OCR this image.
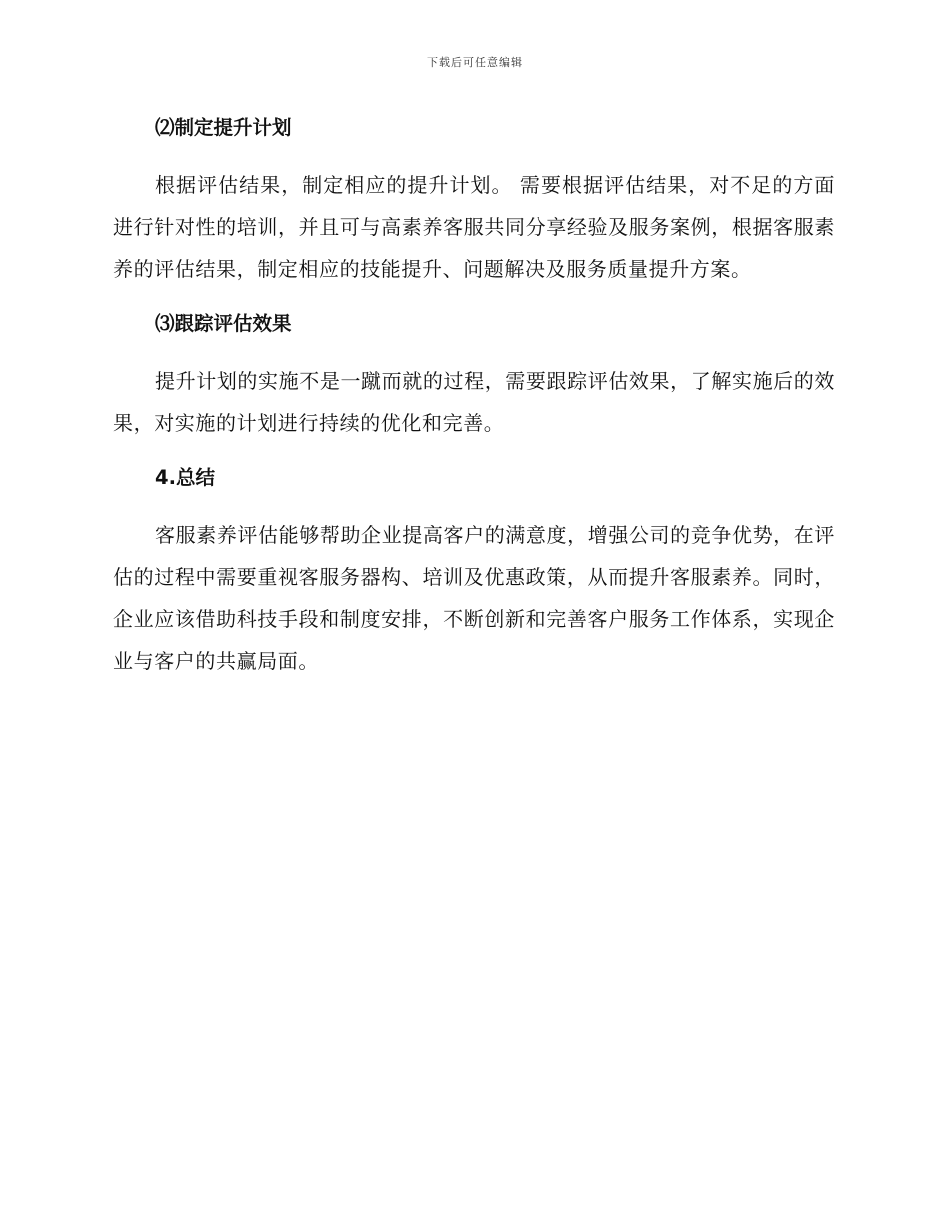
下载后可任意编辑

⑵制定提升计划

根据评估结果，制定相应的提升计划。 需要根据评估结果，对不足的方面进行针对性的培训，并且可与高素养客服共同分享经验及服务案例，根据客服素养的评估结果，制定相应的技能提升、问题解决及服务质量提升方案。

⑶跟踪评估效果

提升计划的实施不是一蹴而就的过程，需要跟踪评估效果，了解实施后的效果，对实施的计划进行持续的优化和完善。

4.总结

客服素养评估能够帮助企业提高客户的满意度，增强公司的竞争优势，在评估的过程中需要重视客服务器构、培训及优惠政策，从而提升客服素养。同时，企业应该借助科技手段和制度安排，不断创新和完善客户服务工作体系，实现企业与客户的共赢局面。
